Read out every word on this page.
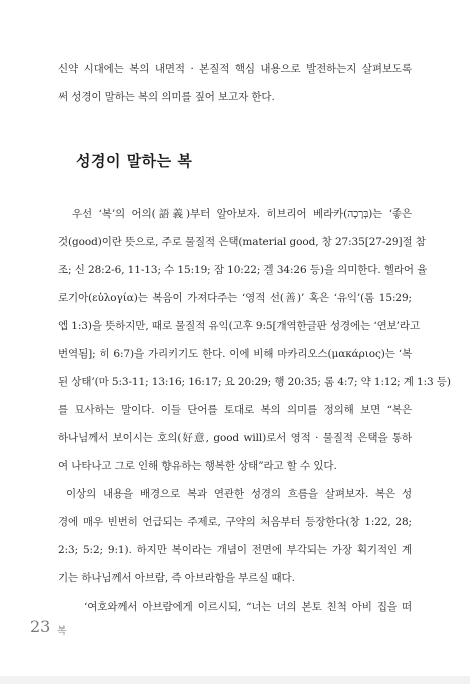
신약 시대에는 복의 내면적 · 본질적 핵심 내용으로 발전하는지 살펴보도록
써 성경이 말하는 복의 의미를 짚어 보고자 한다.
성경이 말하는 복
우선 ‘복’의 어의(語義)부터 알아보자. 히브리어 베라카(בְּרָכָה)는 ‘좋은
것(good)이란 뜻으로, 주로 물질적 은택(material good, 창 27:35[27-29]절 참
조; 신 28:2-6, 11-13; 수 15:19; 잠 10:22; 겔 34:26 등)을 의미한다. 헬라어 율
로기아(εὐλογία)는 복음이 가져다주는 ‘영적 선(善)’ 혹은 ‘유익’(롬 15:29;
엡 1:3)을 뜻하지만, 때로 물질적 유익(고후 9:5[개역한글판 성경에는 ‘연보’라고
번역됨]; 히 6:7)을 가리키기도 한다. 이에 비해 마카리오스(μακάριος)는 ‘복
된 상태’(마 5:3-11; 13:16; 16:17; 요 20:29; 행 20:35; 롬 4:7; 약 1:12; 계 1:3 등)
를 묘사하는 말이다. 이들 단어를 토대로 복의 의미를 정의해 보면 “복은
하나님께서 보이시는 호의(好意, good will)로서 영적 · 물질적 은택을 통하
여 나타나고 그로 인해 향유하는 행복한 상태”라고 할 수 있다.
이상의 내용을 배경으로 복과 연관한 성경의 흐름을 살펴보자. 복은 성
경에 매우 빈번히 언급되는 주제로, 구약의 처음부터 등장한다(창 1:22, 28;
2:3; 5:2; 9:1). 하지만 복이라는 개념이 전면에 부각되는 가장 획기적인 계
기는 하나님께서 아브람, 즉 아브라함을 부르실 때다.
‘여호와께서 아브람에게 이르시되, “너는 너의 본토 친척 아비 집을 떠
23 복
